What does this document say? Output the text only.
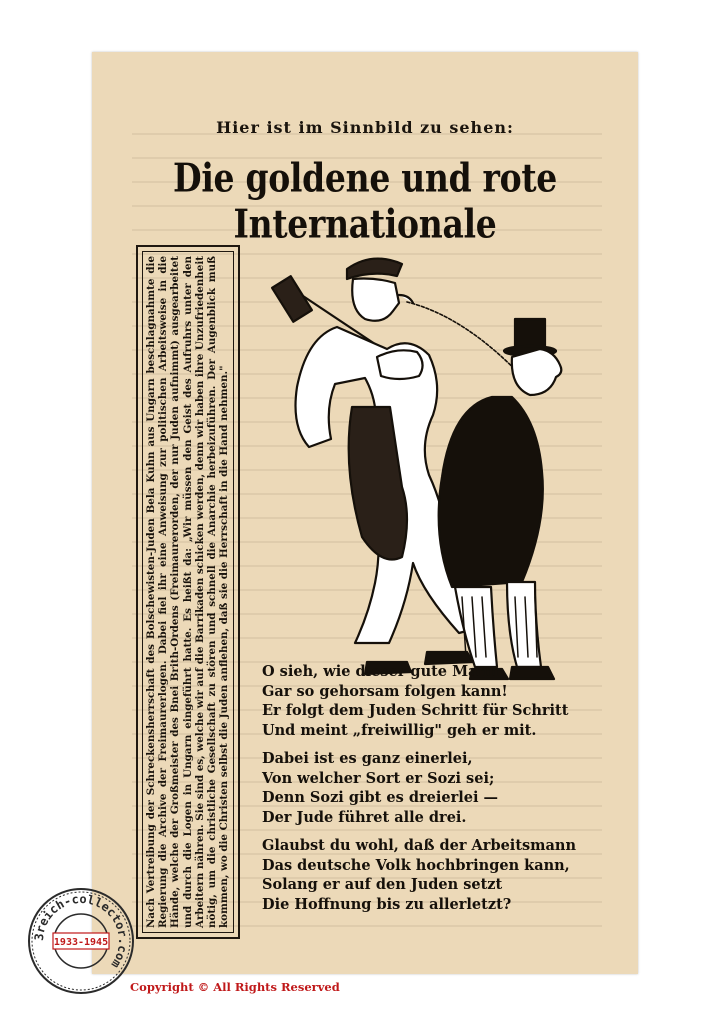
Hier ist im Sinnbild zu sehen:
Die goldene und rote Internationale
Nach Vertreibung der Schreckensherrschaft des Bolschewisten-Juden Bela Kuhn aus Ungarn beschlagnahmte die Regierung die Archive der Freimaurerlogen. Dabei fiel ihr eine Anweisung zur politischen Arbeitsweise in die Hände, welche der Großmeister des Bnei Brith-Ordens (Freimaurerorden, der nur Juden aufnimmt) ausgearbeitet und durch die Logen in Ungarn eingeführt hatte. Es heißt da: „Wir müssen den Geist des Aufruhrs unter den Arbeitern nähren. Sie sind es, welche wir auf die Barrikaden schicken werden, denn wir haben ihre Unzufriedenheit nötig, um die christliche Gesellschaft zu stören und schnell die Anarchie herbeizuführen. Der Augenblick muß kommen, wo die Christen selbst die Juden anflehen, daß sie die Herrschaft in die Hand nehmen." O sieh, wie dieser gute Mann
Gar so gehorsam folgen kann!
Er folgt dem Juden Schritt für Schritt
Und meint „freiwillig" geh er mit.
Dabei ist es ganz einerlei,
Von welcher Sort er Sozi sei;
Denn Sozi gibt es dreierlei —
Der Jude führet alle drei.
Glaubst du wohl, daß der Arbeitsmann
Das deutsche Volk hochbringen kann,
Solang er auf den Juden setzt
Die Hoffnung bis zu allerletzt?
3reich-collector.com
1933-1945
Copyright © All Rights Reserved
